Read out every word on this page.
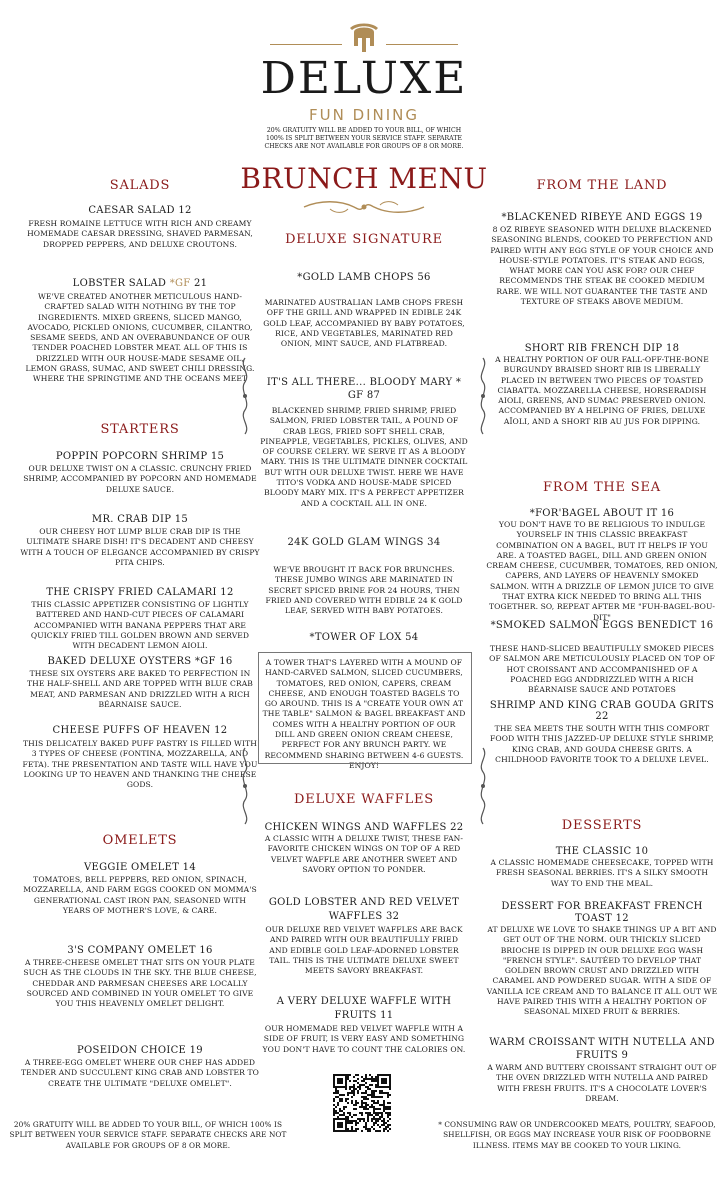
DELUXE
FUN DINING
20% GRATUITY WILL BE ADDED TO YOUR BILL, OF WHICH 100% IS SPLIT BETWEEN YOUR SERVICE STAFF. SEPARATE CHECKS ARE NOT AVAILABLE FOR GROUPS OF 8 OR MORE.
BRUNCH MENU
SALADS
CAESAR SALAD 12
FRESH ROMAINE LETTUCE WITH RICH AND CREAMY HOMEMADE CAESAR DRESSING, SHAVED PARMESAN, DROPPED PEPPERS, AND DELUXE CROUTONS.
LOBSTER SALAD *GF 21
WE'VE CREATED ANOTHER METICULOUS HAND-CRAFTED SALAD WITH NOTHING BY THE TOP INGREDIENTS. MIXED GREENS, SLICED MANGO, AVOCADO, PICKLED ONIONS, CUCUMBER, CILANTRO, SESAME SEEDS, AND AN OVERABUNDANCE OF OUR TENDER POACHED LOBSTER MEAT. ALL OF THIS IS DRIZZLED WITH OUR HOUSE-MADE SESAME OIL, LEMON GRASS, SUMAC, AND SWEET CHILI DRESSING. WHERE THE SPRINGTIME AND THE OCEANS MEET
STARTERS
POPPIN POPCORN SHRIMP 15
OUR DELUXE TWIST ON A CLASSIC. CRUNCHY FRIED SHRIMP, ACCOMPANIED BY POPCORN AND HOMEMADE DELUXE SAUCE.
MR. CRAB DIP 15
OUR CHEESY HOT LUMP BLUE CRAB DIP IS THE ULTIMATE SHARE DISH! IT'S DECADENT AND CHEESY WITH A TOUCH OF ELEGANCE ACCOMPANIED BY CRISPY PITA CHIPS.
THE CRISPY FRIED CALAMARI 12
THIS CLASSIC APPETIZER CONSISTING OF LIGHTLY BATTERED AND HAND-CUT PIECES OF CALAMARI ACCOMPANIED WITH BANANA PEPPERS THAT ARE QUICKLY FRIED TILL GOLDEN BROWN AND SERVED WITH DECADENT LEMON AIOLI.
BAKED DELUXE OYSTERS *GF 16
THESE SIX OYSTERS ARE BAKED TO PERFECTION IN THE HALF-SHELL AND ARE TOPPED WITH BLUE CRAB MEAT, AND PARMESAN AND DRIZZLED WITH A RICH BÉARNAISE SAUCE.
CHEESE PUFFS OF HEAVEN 12
THIS DELICATELY BAKED PUFF PASTRY IS FILLED WITH 3 TYPES OF CHEESE (FONTINA, MOZZARELLA, AND FETA). THE PRESENTATION AND TASTE WILL HAVE YOU LOOKING UP TO HEAVEN AND THANKING THE CHEESE GODS.
OMELETS
VEGGIE OMELET 14
TOMATOES, BELL PEPPERS, RED ONION, SPINACH, MOZZARELLA, AND FARM EGGS COOKED ON MOMMA'S GENERATIONAL CAST IRON PAN, SEASONED WITH YEARS OF MOTHER'S LOVE, & CARE.
3'S COMPANY OMELET 16
A THREE-CHEESE OMELET THAT SITS ON YOUR PLATE SUCH AS THE CLOUDS IN THE SKY. THE BLUE CHEESE, CHEDDAR AND PARMESAN CHEESES ARE LOCALLY SOURCED AND COMBINED IN YOUR OMELET TO GIVE YOU THIS HEAVENLY OMELET DELIGHT.
POSEIDON CHOICE 19
A THREE-EGG OMELET WHERE OUR CHEF HAS ADDED TENDER AND SUCCULENT KING CRAB AND LOBSTER TO CREATE THE ULTIMATE "DELUXE OMELET".
20% GRATUITY WILL BE ADDED TO YOUR BILL, OF WHICH 100% IS SPLIT BETWEEN YOUR SERVICE STAFF. SEPARATE CHECKS ARE NOT AVAILABLE FOR GROUPS OF 8 OR MORE.
DELUXE SIGNATURE
*GOLD LAMB CHOPS 56
MARINATED AUSTRALIAN LAMB CHOPS FRESH OFF THE GRILL AND WRAPPED IN EDIBLE 24K GOLD LEAF, ACCOMPANIED BY BABY POTATOES, RICE, AND VEGETABLES, MARINATED RED ONION, MINT SAUCE, AND FLATBREAD.
IT'S ALL THERE... BLOODY MARY * GF 87
BLACKENED SHRIMP, FRIED SHRIMP, FRIED SALMON, FRIED LOBSTER TAIL, A POUND OF CRAB LEGS, FRIED SOFT SHELL CRAB, PINEAPPLE, VEGETABLES, PICKLES, OLIVES, AND OF COURSE CELERY. WE SERVE IT AS A BLOODY MARY. THIS IS THE ULTIMATE DINNER COCKTAIL BUT WITH OUR DELUXE TWIST. HERE WE HAVE TITO'S VODKA AND HOUSE-MADE SPICED BLOODY MARY MIX. IT'S A PERFECT APPETIZER AND A COCKTAIL ALL IN ONE.
24K GOLD GLAM WINGS 34
WE'VE BROUGHT IT BACK FOR BRUNCHES. THESE JUMBO WINGS ARE MARINATED IN SECRET SPICED BRINE FOR 24 HOURS, THEN FRIED AND COVERED WITH EDIBLE 24 K GOLD LEAF, SERVED WITH BABY POTATOES.
*TOWER OF LOX 54
A TOWER THAT'S LAYERED WITH A MOUND OF HAND-CARVED SALMON, SLICED CUCUMBERS, TOMATOES, RED ONION, CAPERS, CREAM CHEESE, AND ENOUGH TOASTED BAGELS TO GO AROUND. THIS IS A "CREATE YOUR OWN AT THE TABLE" SALMON & BAGEL BREAKFAST AND COMES WITH A HEALTHY PORTION OF OUR DILL AND GREEN ONION CREAM CHEESE, PERFECT FOR ANY BRUNCH PARTY. WE RECOMMEND SHARING BETWEEN 4-6 GUESTS. ENJOY!
DELUXE WAFFLES
CHICKEN WINGS AND WAFFLES 22
A CLASSIC WITH A DELUXE TWIST, THESE FAN-FAVORITE CHICKEN WINGS ON TOP OF A RED VELVET WAFFLE ARE ANOTHER SWEET AND SAVORY OPTION TO PONDER.
GOLD LOBSTER AND RED VELVET WAFFLES 32
OUR DELUXE RED VELVET WAFFLES ARE BACK AND PAIRED WITH OUR BEAUTIFULLY FRIED AND EDIBLE GOLD LEAF-ADORNED LOBSTER TAIL. THIS IS THE ULTIMATE DELUXE SWEET MEETS SAVORY BREAKFAST.
A VERY DELUXE WAFFLE WITH FRUITS 11
OUR HOMEMADE RED VELVET WAFFLE WITH A SIDE OF FRUIT, IS VERY EASY AND SOMETHING YOU DON'T HAVE TO COUNT THE CALORIES ON.
FROM THE LAND
*BLACKENED RIBEYE AND EGGS 19
8 OZ RIBEYE SEASONED WITH DELUXE BLACKENED SEASONING BLENDS, COOKED TO PERFECTION AND PAIRED WITH ANY EGG STYLE OF YOUR CHOICE AND HOUSE-STYLE POTATOES. IT'S STEAK AND EGGS, WHAT MORE CAN YOU ASK FOR? OUR CHEF RECOMMENDS THE STEAK BE COOKED MEDIUM RARE. WE WILL NOT GUARANTEE THE TASTE AND TEXTURE OF STEAKS ABOVE MEDIUM.
SHORT RIB FRENCH DIP 18
A HEALTHY PORTION OF OUR FALL-OFF-THE-BONE BURGUNDY BRAISED SHORT RIB IS LIBERALLY PLACED IN BETWEEN TWO PIECES OF TOASTED CIABATTA. MOZZARELLA CHEESE, HORSERADISH AIOLI, GREENS, AND SUMAC PRESERVED ONION. ACCOMPANIED BY A HELPING OF FRIES, DELUXE AÏOLI, AND A SHORT RIB AU JUS FOR DIPPING.
FROM THE SEA
*FOR'BAGEL ABOUT IT 16
YOU DON'T HAVE TO BE RELIGIOUS TO INDULGE YOURSELF IN THIS CLASSIC BREAKFAST COMBINATION ON A BAGEL, BUT IT HELPS IF YOU ARE. A TOASTED BAGEL, DILL AND GREEN ONION CREAM CHEESE, CUCUMBER, TOMATOES, RED ONION, CAPERS, AND LAYERS OF HEAVENLY SMOKED SALMON. WITH A DRIZZLE OF LEMON JUICE TO GIVE THAT EXTRA KICK NEEDED TO BRING ALL THIS TOGETHER. SO, REPEAT AFTER ME "FUH-BAGEL-BOU-DIT"
*SMOKED SALMON EGGS BENEDICT 16
THESE HAND-SLICED BEAUTIFULLY SMOKED PIECES OF SALMON ARE METICULOUSLY PLACED ON TOP OF HOT CROISSANT AND ACCOMPANISHED OF A POACHED EGG ANDDRIZZLED WITH A RICH BÉARNAISE SAUCE AND POTATOES
SHRIMP AND KING CRAB GOUDA GRITS 22
THE SEA MEETS THE SOUTH WITH THIS COMFORT FOOD WITH THIS JAZZED-UP DELUXE STYLE SHRIMP, KING CRAB, AND GOUDA CHEESE GRITS. A CHILDHOOD FAVORITE TOOK TO A DELUXE LEVEL.
DESSERTS
THE CLASSIC 10
A CLASSIC HOMEMADE CHEESECAKE, TOPPED WITH FRESH SEASONAL BERRIES. IT'S A SILKY SMOOTH WAY TO END THE MEAL.
DESSERT FOR BREAKFAST FRENCH TOAST 12
AT DELUXE WE LOVE TO SHAKE THINGS UP A BIT AND GET OUT OF THE NORM. OUR THICKLY SLICED BRIOCHE IS DIPPED IN OUR DELUXE EGG WASH "FRENCH STYLE". SAUTÉED TO DEVELOP THAT GOLDEN BROWN CRUST AND DRIZZLED WITH CARAMEL AND POWDERED SUGAR. WITH A SIDE OF VANILLA ICE CREAM AND TO BALANCE IT ALL OUT WE HAVE PAIRED THIS WITH A HEALTHY PORTION OF SEASONAL MIXED FRUIT & BERRIES.
WARM CROISSANT WITH NUTELLA AND FRUITS 9
A WARM AND BUTTERY CROISSANT STRAIGHT OUT OF THE OVEN DRIZZLED WITH NUTELLA AND PAIRED WITH FRESH FRUITS. IT'S A CHOCOLATE LOVER'S DREAM.
* CONSUMING RAW OR UNDERCOOKED MEATS, POULTRY, SEAFOOD, SHELLFISH, OR EGGS MAY INCREASE YOUR RISK OF FOODBORNE ILLNESS. ITEMS MAY BE COOKED TO YOUR LIKING.
